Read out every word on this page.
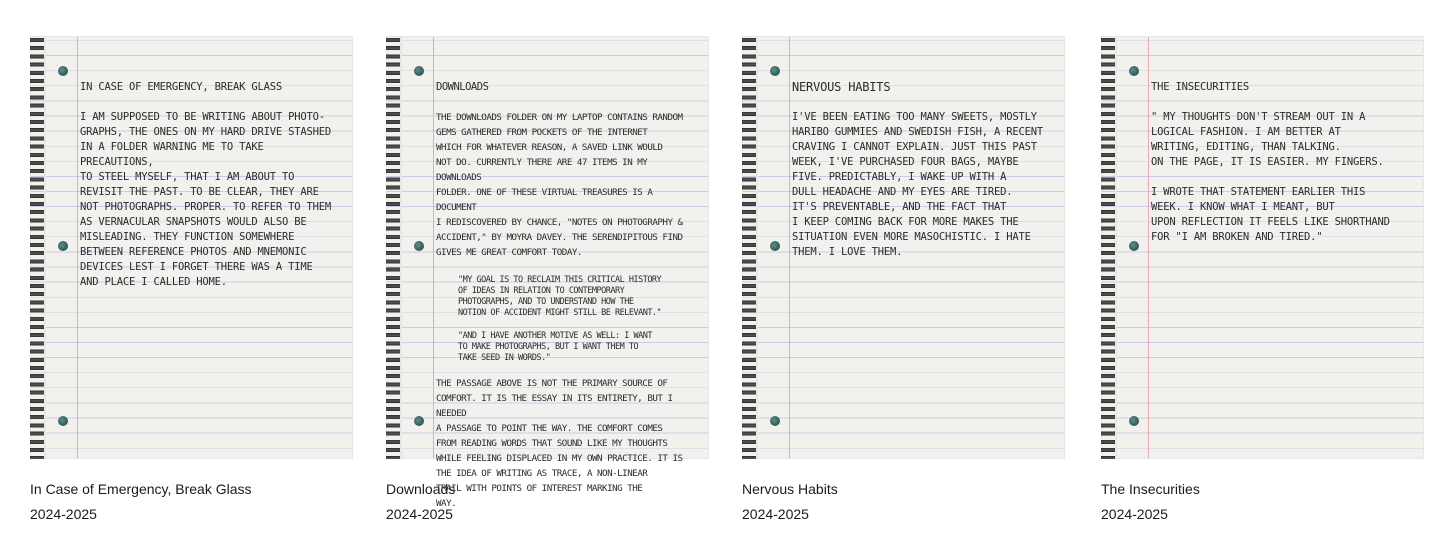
IN CASE OF EMERGENCY, BREAK GLASS

I AM SUPPOSED TO BE WRITING ABOUT PHOTO-
GRAPHS, THE ONES ON MY HARD DRIVE STASHED
IN A FOLDER WARNING ME TO TAKE PRECAUTIONS,
TO STEEL MYSELF, THAT I AM ABOUT TO
REVISIT THE PAST. TO BE CLEAR, THEY ARE
NOT PHOTOGRAPHS. PROPER. TO REFER TO THEM
AS VERNACULAR SNAPSHOTS WOULD ALSO BE
MISLEADING. THEY FUNCTION SOMEWHERE
BETWEEN REFERENCE PHOTOS AND MNEMONIC
DEVICES LEST I FORGET THERE WAS A TIME
AND PLACE I CALLED HOME.

In Case of Emergency, Break Glass

2024-2025

DOWNLOADS

THE DOWNLOADS FOLDER ON MY LAPTOP CONTAINS RANDOM
GEMS GATHERED FROM POCKETS OF THE INTERNET
WHICH FOR WHATEVER REASON, A SAVED LINK WOULD
NOT DO. CURRENTLY THERE ARE 47 ITEMS IN MY DOWNLOADS
FOLDER. ONE OF THESE VIRTUAL TREASURES IS A DOCUMENT
I REDISCOVERED BY CHANCE, "NOTES ON PHOTOGRAPHY &
ACCIDENT," BY MOYRA DAVEY. THE SERENDIPITOUS FIND
GIVES ME GREAT COMFORT TODAY.

"MY GOAL IS TO RECLAIM THIS CRITICAL HISTORY
OF IDEAS IN RELATION TO CONTEMPORARY
PHOTOGRAPHS, AND TO UNDERSTAND HOW THE
NOTION OF ACCIDENT MIGHT STILL BE RELEVANT."

"AND I HAVE ANOTHER MOTIVE AS WELL: I WANT
TO MAKE PHOTOGRAPHS, BUT I WANT THEM TO
TAKE SEED IN WORDS."

THE PASSAGE ABOVE IS NOT THE PRIMARY SOURCE OF
COMFORT. IT IS THE ESSAY IN ITS ENTIRETY, BUT I NEEDED
A PASSAGE TO POINT THE WAY. THE COMFORT COMES
FROM READING WORDS THAT SOUND LIKE MY THOUGHTS
WHILE FEELING DISPLACED IN MY OWN PRACTICE. IT IS
THE IDEA OF WRITING AS TRACE, A NON-LINEAR
TRAIL WITH POINTS OF INTEREST MARKING THE
WAY.

Downloads

2024-2025

NERVOUS HABITS

I'VE BEEN EATING TOO MANY SWEETS, MOSTLY
HARIBO GUMMIES AND SWEDISH FISH, A RECENT
CRAVING I CANNOT EXPLAIN. JUST THIS PAST
WEEK, I'VE PURCHASED FOUR BAGS, MAYBE
FIVE. PREDICTABLY, I WAKE UP WITH A
DULL HEADACHE AND MY EYES ARE TIRED.
IT'S PREVENTABLE, AND THE FACT THAT
I KEEP COMING BACK FOR MORE MAKES THE
SITUATION EVEN MORE MASOCHISTIC. I HATE
THEM. I LOVE THEM.

Nervous Habits

2024-2025

THE INSECURITIES

" MY THOUGHTS DON'T STREAM OUT IN A
LOGICAL FASHION. I AM BETTER AT
WRITING, EDITING, THAN TALKING.
ON THE PAGE, IT IS EASIER. MY FINGERS.

I WROTE THAT STATEMENT EARLIER THIS
WEEK. I KNOW WHAT I MEANT, BUT
UPON REFLECTION IT FEELS LIKE SHORTHAND
FOR "I AM BROKEN AND TIRED."

The Insecurities

2024-2025
